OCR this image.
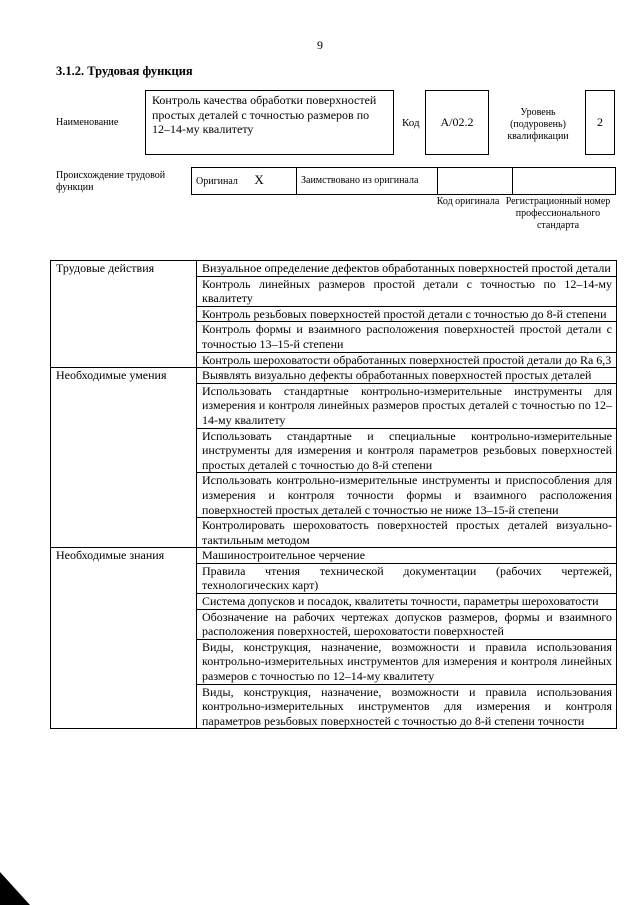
9
3.1.2. Трудовая функция
Наименование
Контроль качества обработки поверхностей простых деталей с точностью размеров по 12–14-му квалитету	Код A/02.2
Уровень (подуровень) квалификации
2
Происхождение трудовой функции
Оригинал X	Заимствовано из оригинала		
Код оригинала Регистрационный номер профессионального стандарта
Трудовые действия	Визуальное определение дефектов обработанных поверхностей простой детали
	Контроль линейных размеров простой детали с точностью по 12–14-му квалитету
	Контроль резьбовых поверхностей простой детали с точностью до 8-й степени
	Контроль формы и взаимного расположения поверхностей простой детали с точностью 13–15-й степени
	Контроль шероховатости обработанных поверхностей простой детали до Ra 6,3
Необходимые умения	Выявлять визуально дефекты обработанных поверхностей простых деталей
	Использовать стандартные контрольно-измерительные инструменты для измерения и контроля линейных размеров простых деталей с точностью по 12–14-му квалитету
	Использовать стандартные и специальные контрольно-измерительные инструменты для измерения и контроля параметров резьбовых поверхностей простых деталей с точностью до 8-й степени
	Использовать контрольно-измерительные инструменты и приспособления для измерения и контроля точности формы и взаимного расположения поверхностей простых деталей с точностью не ниже 13–15-й степени
	Контролировать шероховатость поверхностей простых деталей визуально-тактильным методом
Необходимые знания	Машиностроительное черчение
	Правила чтения технической документации (рабочих чертежей, технологических карт)
	Система допусков и посадок, квалитеты точности, параметры шероховатости
	Обозначение на рабочих чертежах допусков размеров, формы и взаимного расположения поверхностей, шероховатости поверхностей
	Виды, конструкция, назначение, возможности и правила использования контрольно-измерительных инструментов для измерения и контроля линейных размеров с точностью по 12–14-му квалитету
	Виды, конструкция, назначение, возможности и правила использования контрольно-измерительных инструментов для измерения и контроля параметров резьбовых поверхностей с точностью до 8-й степени точности
